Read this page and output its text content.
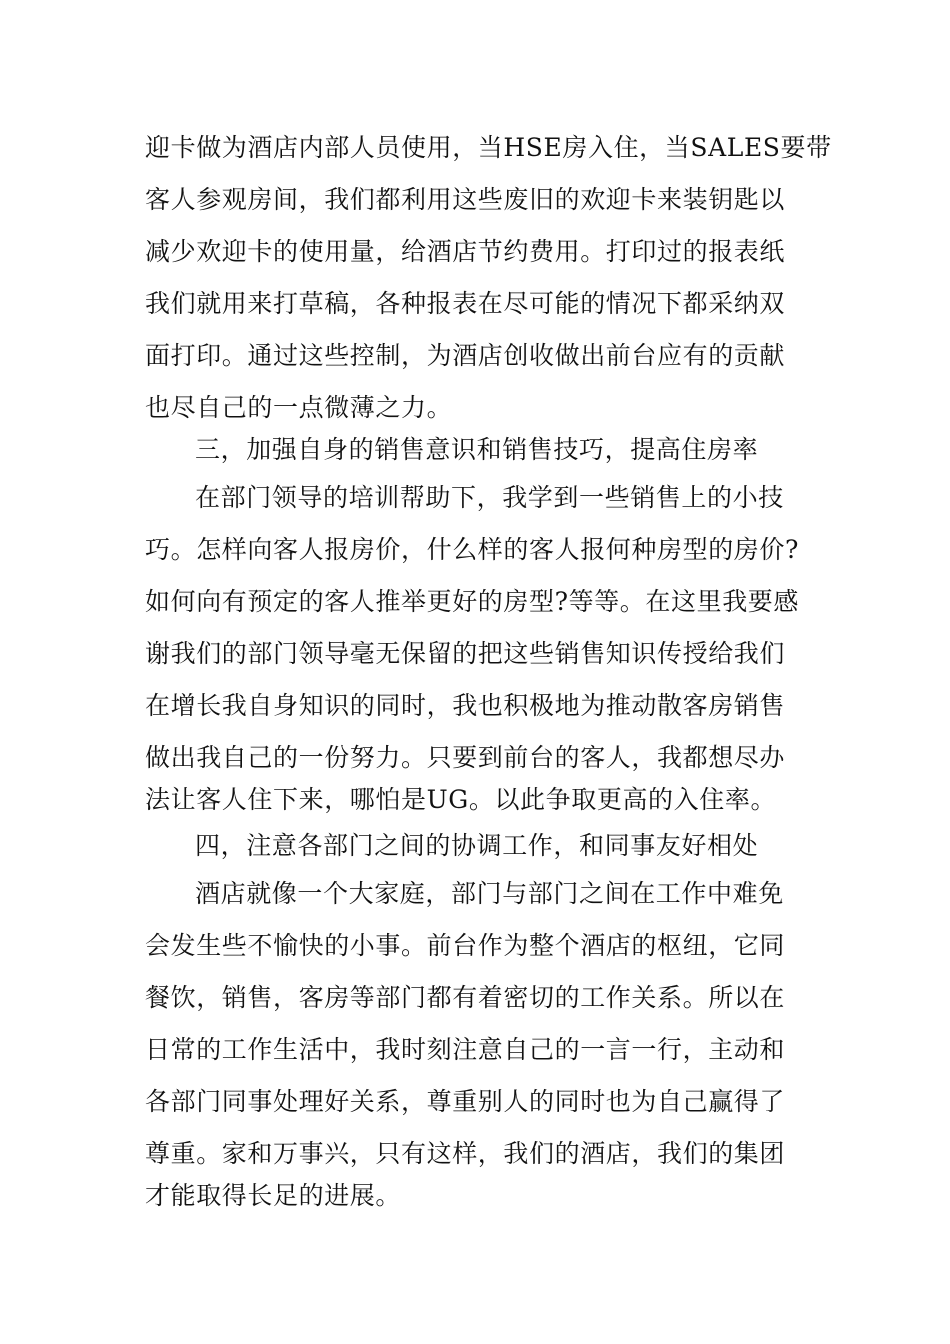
迎卡做为酒店内部人员使用，当HSE房入住，当SALES要带
客人参观房间，我们都利用这些废旧的欢迎卡来装钥匙以
减少欢迎卡的使用量，给酒店节约费用。打印过的报表纸
我们就用来打草稿，各种报表在尽可能的情况下都采纳双
面打印。通过这些控制，为酒店创收做出前台应有的贡献
也尽自己的一点微薄之力。
三，加强自身的销售意识和销售技巧，提高住房率
在部门领导的培训帮助下，我学到一些销售上的小技
巧。怎样向客人报房价，什么样的客人报何种房型的房价?
如何向有预定的客人推举更好的房型?等等。在这里我要感
谢我们的部门领导毫无保留的把这些销售知识传授给我们
在增长我自身知识的同时，我也积极地为推动散客房销售
做出我自己的一份努力。只要到前台的客人，我都想尽办
法让客人住下来，哪怕是UG。以此争取更高的入住率。
四，注意各部门之间的协调工作，和同事友好相处
酒店就像一个大家庭，部门与部门之间在工作中难免
会发生些不愉快的小事。前台作为整个酒店的枢纽，它同
餐饮，销售，客房等部门都有着密切的工作关系。所以在
日常的工作生活中，我时刻注意自己的一言一行，主动和
各部门同事处理好关系，尊重别人的同时也为自己赢得了
尊重。家和万事兴，只有这样，我们的酒店，我们的集团
才能取得长足的进展。
